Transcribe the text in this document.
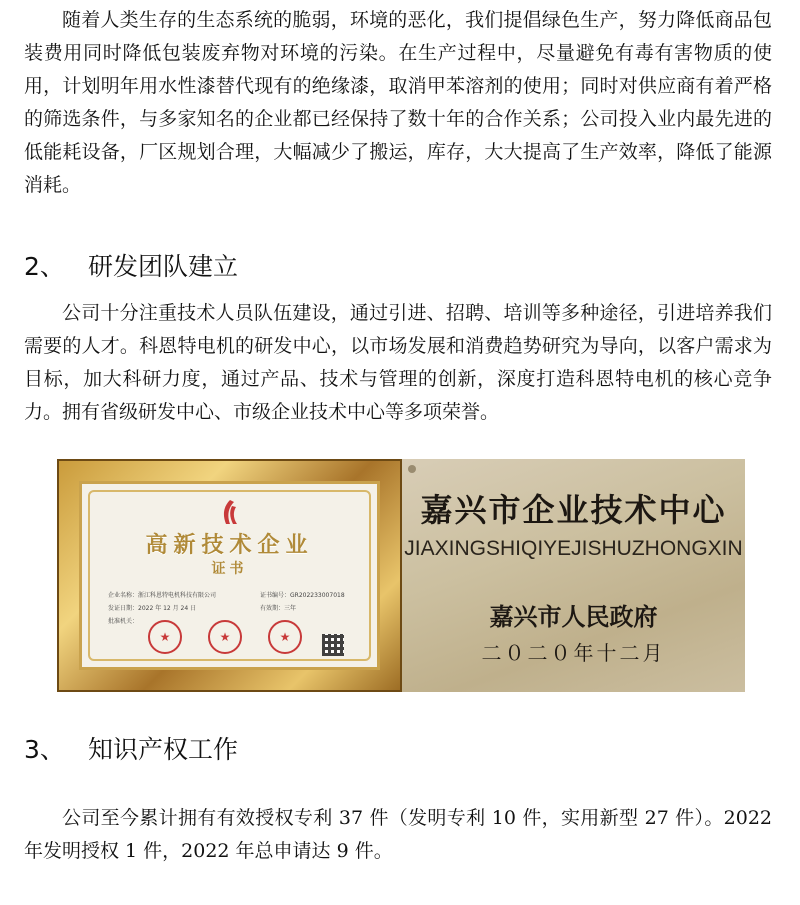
随着人类生存的生态系统的脆弱，环境的恶化，我们提倡绿色生产，努力降低商品包装费用同时降低包装废弃物对环境的污染。在生产过程中，尽量避免有毒有害物质的使用，计划明年用水性漆替代现有的绝缘漆，取消甲苯溶剂的使用；同时对供应商有着严格的筛选条件，与多家知名的企业都已经保持了数十年的合作关系；公司投入业内最先进的低能耗设备，厂区规划合理，大幅减少了搬运，库存，大大提高了生产效率，降低了能源消耗。

2、 研发团队建立

公司十分注重技术人员队伍建设，通过引进、招聘、培训等多种途径，引进培养我们需要的人才。科恩特电机的研发中心，以市场发展和消费趋势研究为导向，以客户需求为目标，加大科研力度，通过产品、技术与管理的创新，深度打造科恩特电机的核心竞争力。拥有省级研发中心、市级企业技术中心等多项荣誉。

高新技术企业
证书
企业名称：浙江科恩特电机科技有限公司	证书编号：GR202233007018
发证日期：2022 年 12 月 24 日	有效期：三年
批准机关：
★
★
★
嘉兴市企业技术中心
JIAXINGSHIQIYEJISHUZHONGXIN
嘉兴市人民政府
二０二０年十二月
3、 知识产权工作

公司至今累计拥有有效授权专利 37 件（发明专利 10 件，实用新型 27 件）。2022 年发明授权 1 件，2022 年总申请达 9 件。
